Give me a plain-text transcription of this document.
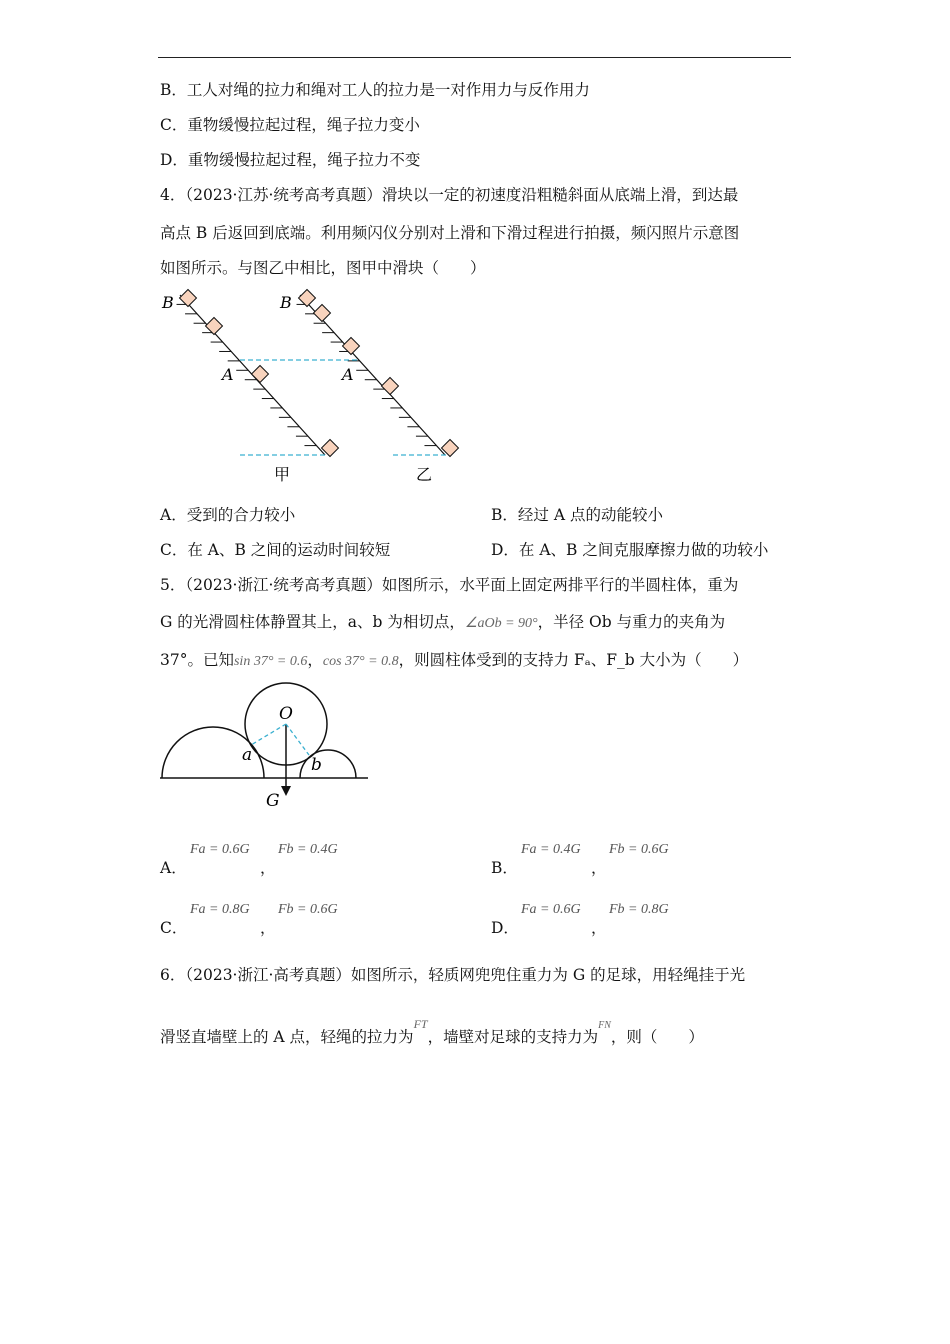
B．工人对绳的拉力和绳对工人的拉力是一对作用力与反作用力
C．重物缓慢拉起过程，绳子拉力变小
D．重物缓慢拉起过程，绳子拉力不变
4．（2023·江苏·统考高考真题）滑块以一定的初速度沿粗糙斜面从底端上滑，到达最
高点 B 后返回到底端。利用频闪仪分别对上滑和下滑过程进行拍摄，频闪照片示意图
如图所示。与图乙中相比，图甲中滑块（　　）
B	B
A	A
甲	乙
A．受到的合力较小	B．经过 A 点的动能较小
C．在 A、B 之间的运动时间较短	D．在 A、B 之间克服摩擦力做的功较小
5．（2023·浙江·统考高考真题）如图所示，水平面上固定两排平行的半圆柱体，重为
G 的光滑圆柱体静置其上，a、b 为相切点，∠aOb = 90°，半径 Ob 与重力的夹角为
37°。已知sin 37° = 0.6，cos 37° = 0.8，则圆柱体受到的支持力 Fₐ、F_b 大小为（　　）
O
a	b
G
A．
Fa = 0.6G
，
Fb = 0.4G
B．
Fa = 0.4G
，
Fb = 0.6G
C．
Fa = 0.8G
，
Fb = 0.6G
D．
Fa = 0.6G
，
Fb = 0.8G
6．（2023·浙江·高考真题）如图所示，轻质网兜兜住重力为 G 的足球，用轻绳挂于光
滑竖直墙壁上的 A 点，轻绳的拉力为$^{FT}$，墙壁对足球的支持力为$^{FN}$，则（　　）
